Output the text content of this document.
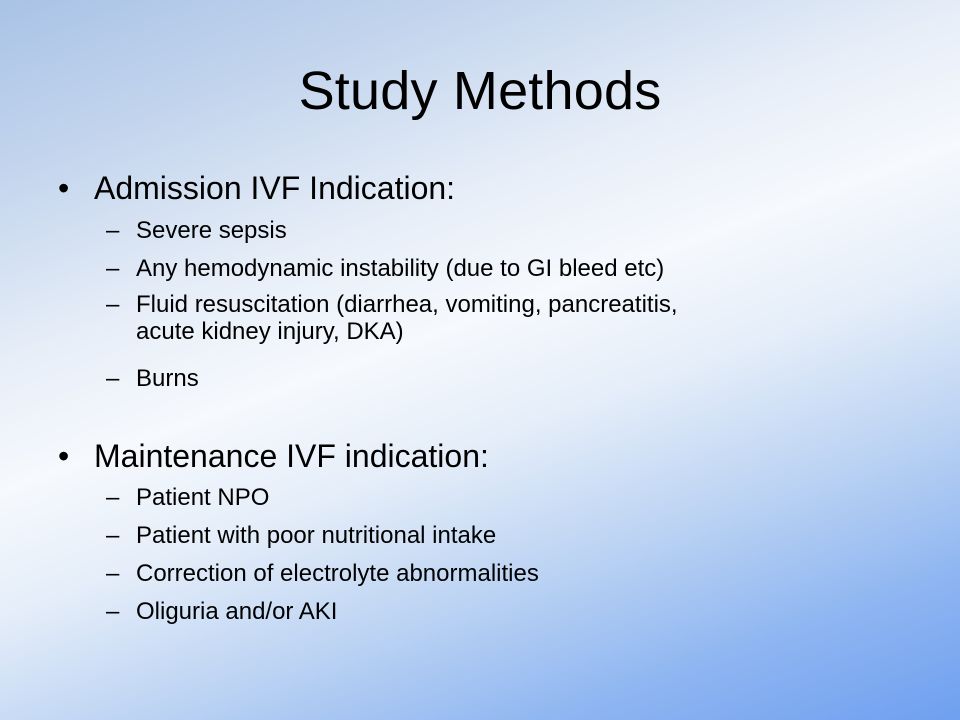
Study Methods
• Admission IVF Indication:
– Severe sepsis
– Any hemodynamic instability (due to GI bleed etc)
– Fluid resuscitation (diarrhea, vomiting, pancreatitis,
acute kidney injury, DKA)
– Burns
• Maintenance IVF indication:
– Patient NPO
– Patient with poor nutritional intake
– Correction of electrolyte abnormalities
– Oliguria and/or AKI
